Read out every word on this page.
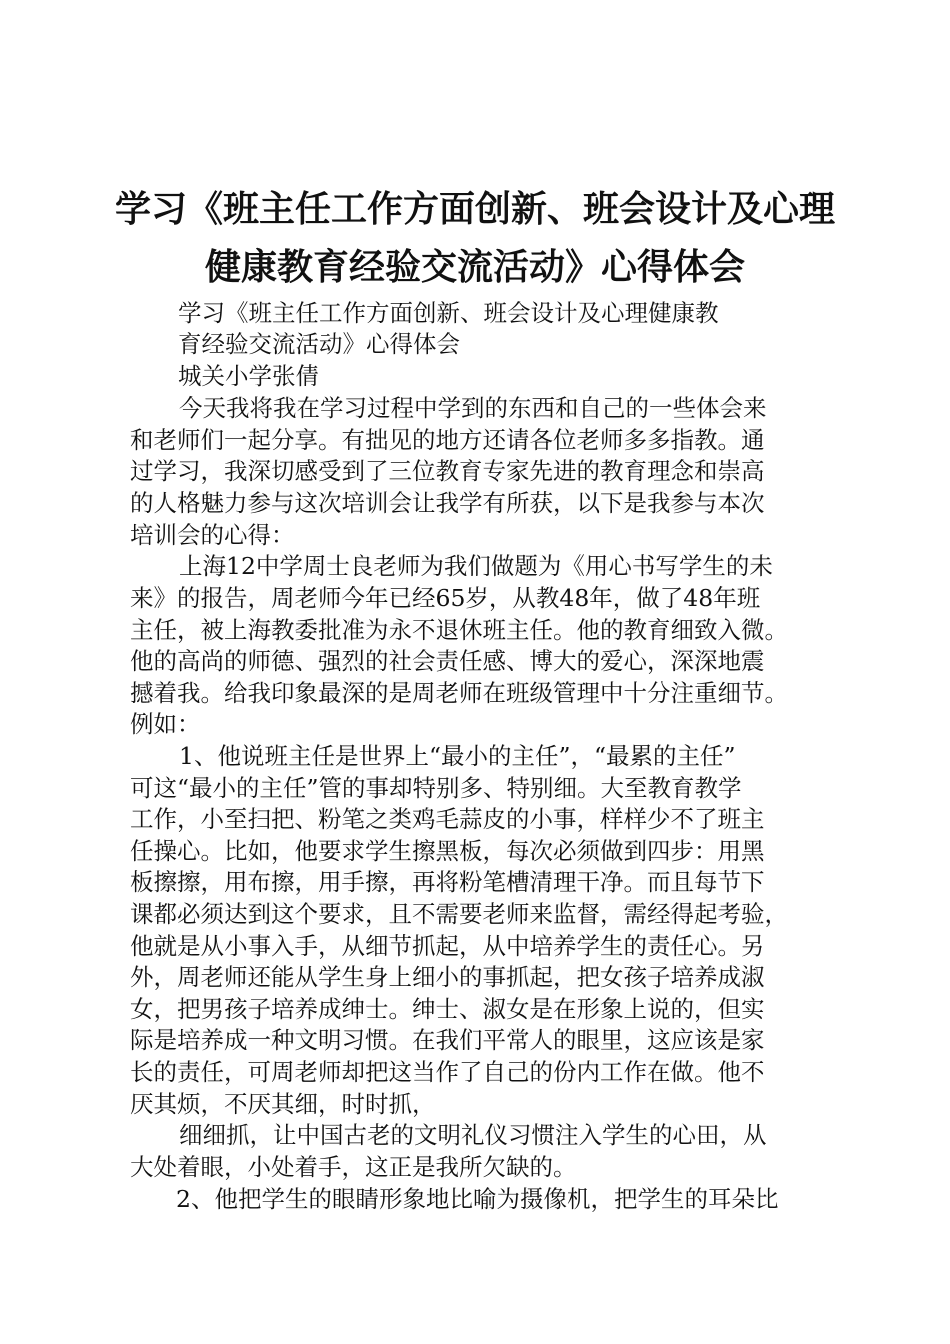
学习《班主任工作方面创新、班会设计及心理
健康教育经验交流活动》心得体会
学习《班主任工作方面创新、班会设计及心理健康教
育经验交流活动》心得体会
城关小学张倩
今天我将我在学习过程中学到的东西和自己的一些体会来
和老师们一起分享。有拙见的地方还请各位老师多多指教。通
过学习，我深切感受到了三位教育专家先进的教育理念和崇高
的人格魅力参与这次培训会让我学有所获，以下是我参与本次
培训会的心得：
上海12中学周士良老师为我们做题为《用心书写学生的未
来》的报告，周老师今年已经65岁，从教48年，做了48年班
主任，被上海教委批准为永不退休班主任。他的教育细致入微。
他的高尚的师德、强烈的社会责任感、博大的爱心，深深地震
撼着我。给我印象最深的是周老师在班级管理中十分注重细节。
例如：
1、他说班主任是世界上“最小的主任”，“最累的主任”
可这“最小的主任”管的事却特别多、特别细。大至教育教学
工作，小至扫把、粉笔之类鸡毛蒜皮的小事，样样少不了班主
任操心。比如，他要求学生擦黑板，每次必须做到四步：用黑
板擦擦，用布擦，用手擦，再将粉笔槽清理干净。而且每节下
课都必须达到这个要求，且不需要老师来监督，需经得起考验，
他就是从小事入手，从细节抓起，从中培养学生的责任心。另
外，周老师还能从学生身上细小的事抓起，把女孩子培养成淑
女，把男孩子培养成绅士。绅士、淑女是在形象上说的，但实
际是培养成一种文明习惯。在我们平常人的眼里，这应该是家
长的责任，可周老师却把这当作了自己的份内工作在做。他不
厌其烦，不厌其细，时时抓，
细细抓，让中国古老的文明礼仪习惯注入学生的心田，从
大处着眼，小处着手，这正是我所欠缺的。
2、他把学生的眼睛形象地比喻为摄像机，把学生的耳朵比
